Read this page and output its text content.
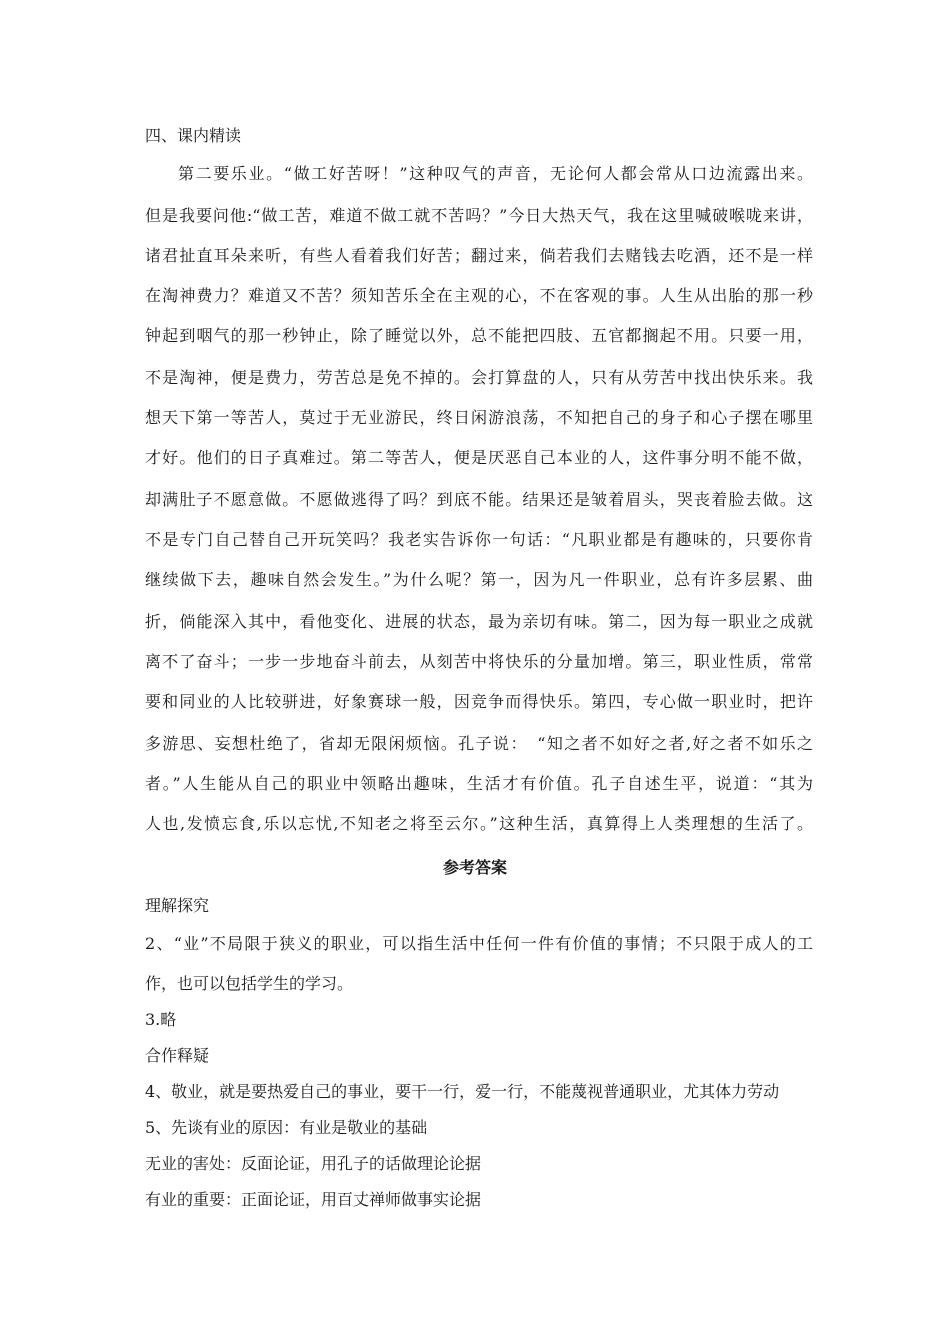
四、课内精读
第二要乐业。“做工好苦呀！”这种叹气的声音，无论何人都会常从口边流露出来。
但是我要问他:“做工苦，难道不做工就不苦吗？”今日大热天气，我在这里喊破喉咙来讲，
诸君扯直耳朵来听，有些人看着我们好苦；翻过来，倘若我们去赌钱去吃酒，还不是一样
在淘神费力？难道又不苦？须知苦乐全在主观的心，不在客观的事。人生从出胎的那一秒
钟起到咽气的那一秒钟止，除了睡觉以外，总不能把四肢、五官都搁起不用。只要一用，
不是淘神，便是费力，劳苦总是免不掉的。会打算盘的人，只有从劳苦中找出快乐来。我
想天下第一等苦人，莫过于无业游民，终日闲游浪荡，不知把自己的身子和心子摆在哪里
才好。他们的日子真难过。第二等苦人，便是厌恶自己本业的人，这件事分明不能不做，
却满肚子不愿意做。不愿做逃得了吗？到底不能。结果还是皱着眉头，哭丧着脸去做。这
不是专门自己替自己开玩笑吗？我老实告诉你一句话：“凡职业都是有趣味的，只要你肯
继续做下去，趣味自然会发生。”为什么呢？第一，因为凡一件职业，总有许多层累、曲
折，倘能深入其中，看他变化、进展的状态，最为亲切有味。第二，因为每一职业之成就
离不了奋斗；一步一步地奋斗前去，从刻苦中将快乐的分量加增。第三，职业性质，常常
要和同业的人比较骈进，好象赛球一般，因竞争而得快乐。第四，专心做一职业时，把许
多游思、妄想杜绝了，省却无限闲烦恼。孔子说：　“知之者不如好之者,好之者不如乐之
者。”人生能从自己的职业中领略出趣味，生活才有价值。孔子自述生平，说道：“其为
人也,发愤忘食,乐以忘忧,不知老之将至云尔。”这种生活，真算得上人类理想的生活了。
参考答案
理解探究
2、“业”不局限于狭义的职业，可以指生活中任何一件有价值的事情；不只限于成人的工
作，也可以包括学生的学习。
3.略
合作释疑
4、敬业，就是要热爱自己的事业，要干一行，爱一行，不能蔑视普通职业，尤其体力劳动
5、先谈有业的原因：有业是敬业的基础
无业的害处：反面论证，用孔子的话做理论论据
有业的重要：正面论证，用百丈禅师做事实论据
